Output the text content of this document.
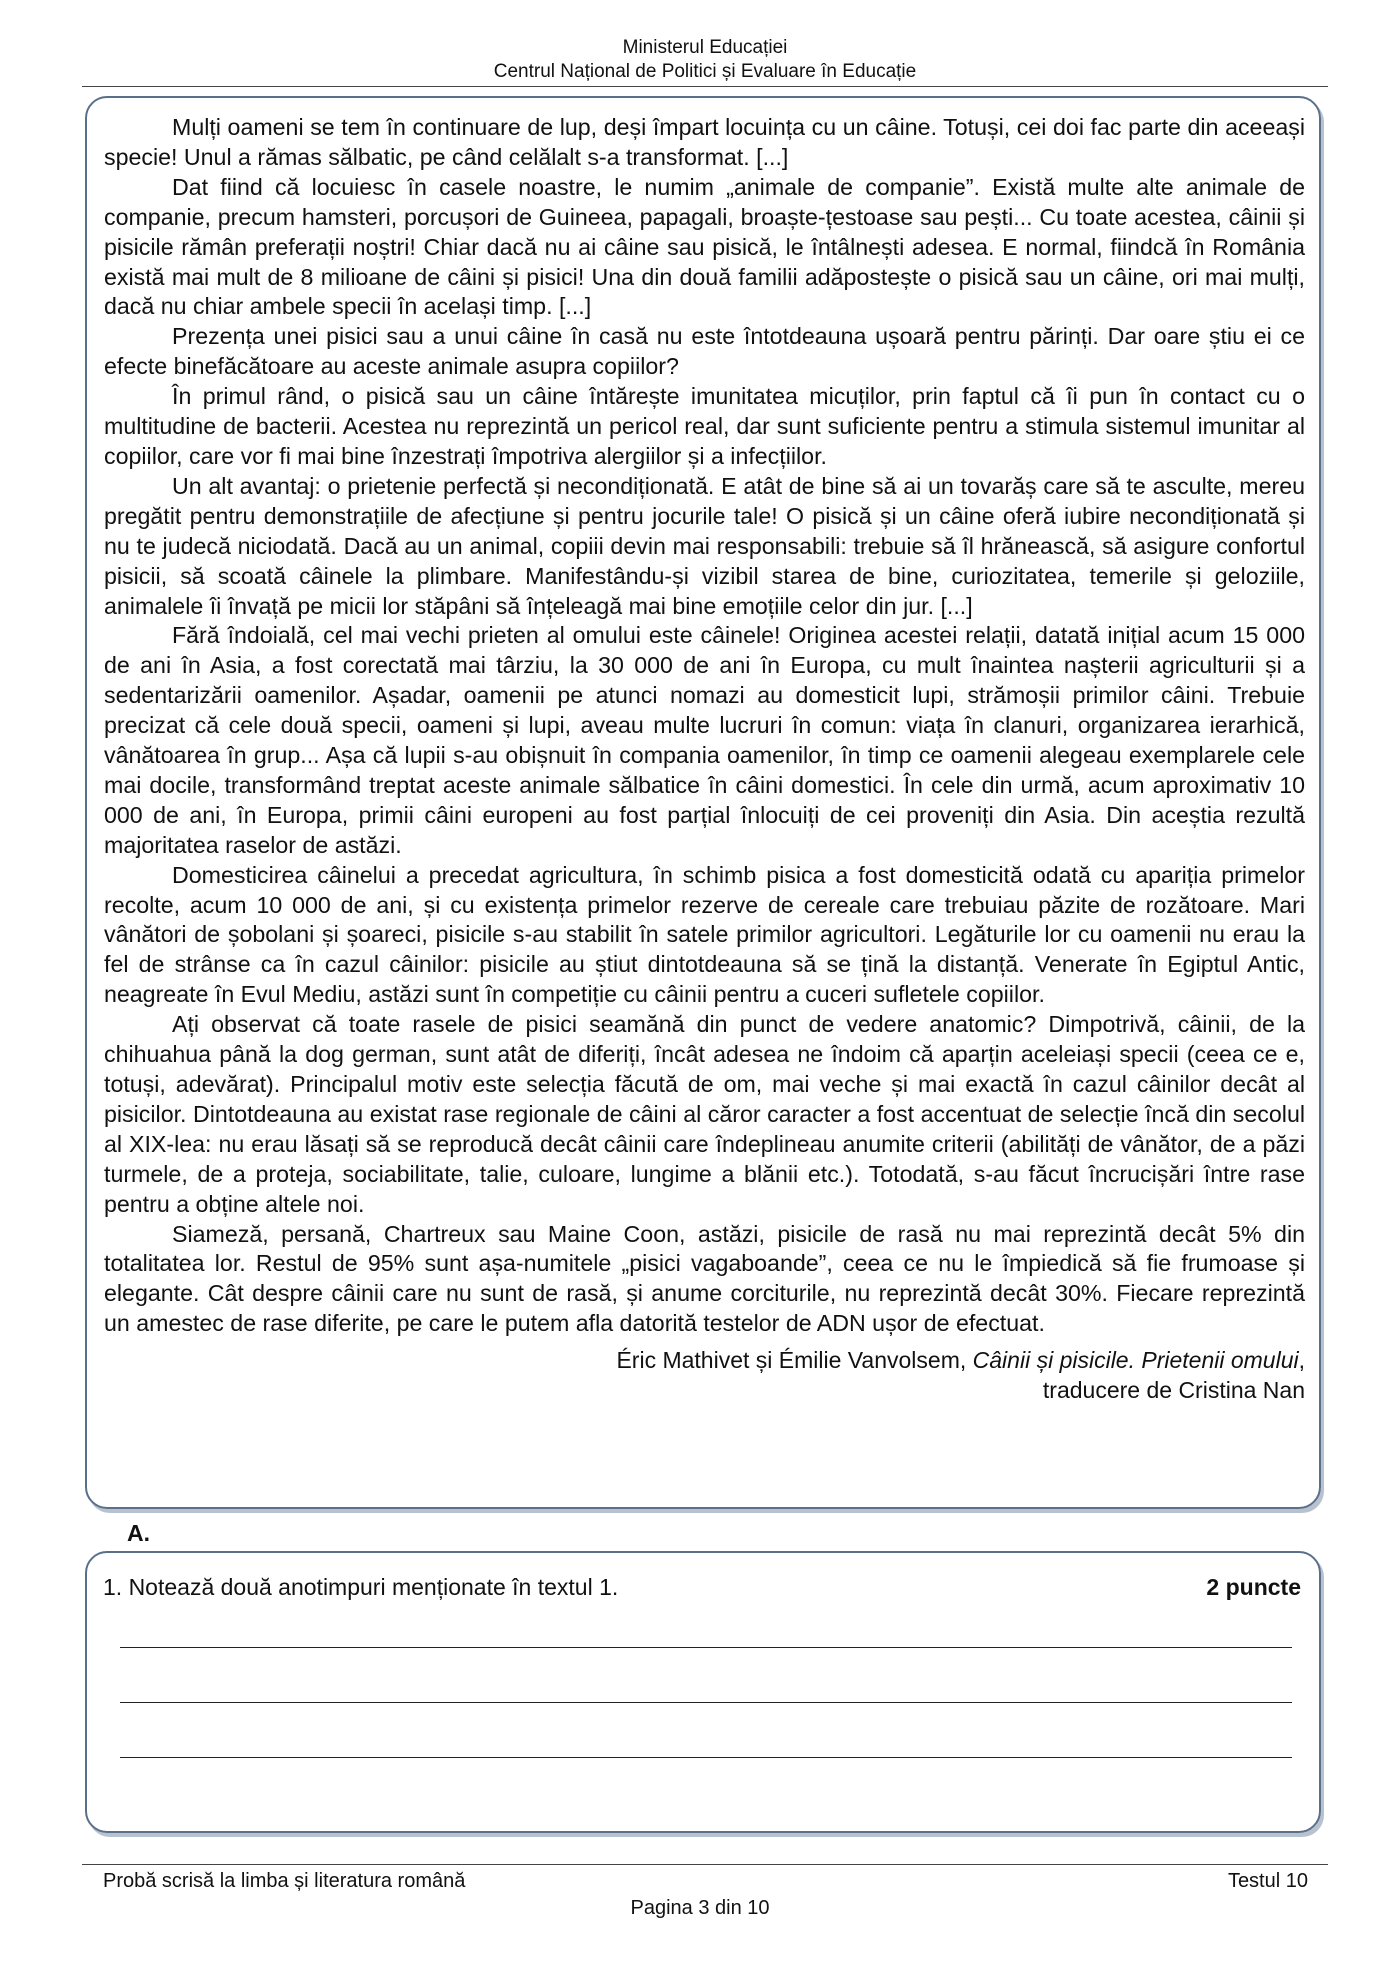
Ministerul Educației
Centrul Național de Politici și Evaluare în Educație

Mulți oameni se tem în continuare de lup, deși împart locuința cu un câine. Totuși, cei doi fac parte din aceeași specie! Unul a rămas sălbatic, pe când celălalt s-a transformat. [...]

Dat fiind că locuiesc în casele noastre, le numim „animale de companie”. Există multe alte animale de companie, precum hamsteri, porcușori de Guineea, papagali, broaște-țestoase sau pești... Cu toate acestea, câinii și pisicile rămân preferații noștri! Chiar dacă nu ai câine sau pisică, le întâlnești adesea. E normal, fiindcă în România există mai mult de 8 milioane de câini și pisici! Una din două familii adăpostește o pisică sau un câine, ori mai mulți, dacă nu chiar ambele specii în același timp. [...]

Prezența unei pisici sau a unui câine în casă nu este întotdeauna ușoară pentru părinți. Dar oare știu ei ce efecte binefăcătoare au aceste animale asupra copiilor?

În primul rând, o pisică sau un câine întărește imunitatea micuților, prin faptul că îi pun în contact cu o multitudine de bacterii. Acestea nu reprezintă un pericol real, dar sunt suficiente pentru a stimula sistemul imunitar al copiilor, care vor fi mai bine înzestrați împotriva alergiilor și a infecțiilor.

Un alt avantaj: o prietenie perfectă și necondiționată. E atât de bine să ai un tovarăș care să te asculte, mereu pregătit pentru demonstrațiile de afecțiune și pentru jocurile tale! O pisică și un câine oferă iubire necondiționată și nu te judecă niciodată. Dacă au un animal, copiii devin mai responsabili: trebuie să îl hrănească, să asigure confortul pisicii, să scoată câinele la plimbare. Manifestându-și vizibil starea de bine, curiozitatea, temerile și geloziile, animalele îi învață pe micii lor stăpâni să înțeleagă mai bine emoțiile celor din jur. [...]

Fără îndoială, cel mai vechi prieten al omului este câinele! Originea acestei relații, datată inițial acum 15 000 de ani în Asia, a fost corectată mai târziu, la 30 000 de ani în Europa, cu mult înaintea nașterii agriculturii și a sedentarizării oamenilor. Așadar, oamenii pe atunci nomazi au domesticit lupi, strămoșii primilor câini. Trebuie precizat că cele două specii, oameni și lupi, aveau multe lucruri în comun: viața în clanuri, organizarea ierarhică, vânătoarea în grup... Așa că lupii s-au obișnuit în compania oamenilor, în timp ce oamenii alegeau exemplarele cele mai docile, transformând treptat aceste animale sălbatice în câini domestici. În cele din urmă, acum aproximativ 10 000 de ani, în Europa, primii câini europeni au fost parțial înlocuiți de cei proveniți din Asia. Din aceștia rezultă majoritatea raselor de astăzi.

Domesticirea câinelui a precedat agricultura, în schimb pisica a fost domesticită odată cu apariția primelor recolte, acum 10 000 de ani, și cu existența primelor rezerve de cereale care trebuiau păzite de rozătoare. Mari vânători de șobolani și șoareci, pisicile s-au stabilit în satele primilor agricultori. Legăturile lor cu oamenii nu erau la fel de strânse ca în cazul câinilor: pisicile au știut dintotdeauna să se țină la distanță. Venerate în Egiptul Antic, neagreate în Evul Mediu, astăzi sunt în competiție cu câinii pentru a cuceri sufletele copiilor.

Ați observat că toate rasele de pisici seamănă din punct de vedere anatomic? Dimpotrivă, câinii, de la chihuahua până la dog german, sunt atât de diferiți, încât adesea ne îndoim că aparțin aceleiași specii (ceea ce e, totuși, adevărat). Principalul motiv este selecția făcută de om, mai veche și mai exactă în cazul câinilor decât al pisicilor. Dintotdeauna au existat rase regionale de câini al căror caracter a fost accentuat de selecție încă din secolul al XIX-lea: nu erau lăsați să se reproducă decât câinii care îndeplineau anumite criterii (abilități de vânător, de a păzi turmele, de a proteja, sociabilitate, talie, culoare, lungime a blănii etc.). Totodată, s-au făcut încrucișări între rase pentru a obține altele noi.

Siameză, persană, Chartreux sau Maine Coon, astăzi, pisicile de rasă nu mai reprezintă decât 5% din totalitatea lor. Restul de 95% sunt așa-numitele „pisici vagaboande”, ceea ce nu le împiedică să fie frumoase și elegante. Cât despre câinii care nu sunt de rasă, și anume corciturile, nu reprezintă decât 30%. Fiecare reprezintă un amestec de rase diferite, pe care le putem afla datorită testelor de ADN ușor de efectuat.

Éric Mathivet și Émilie Vanvolsem, Câinii și pisicile. Prietenii omului,
traducere de Cristina Nan
A.
1. Notează două anotimpuri menționate în textul 1.	2 puncte
Probă scrisă la limba și literatura română	Testul 10
Pagina 3 din 10
